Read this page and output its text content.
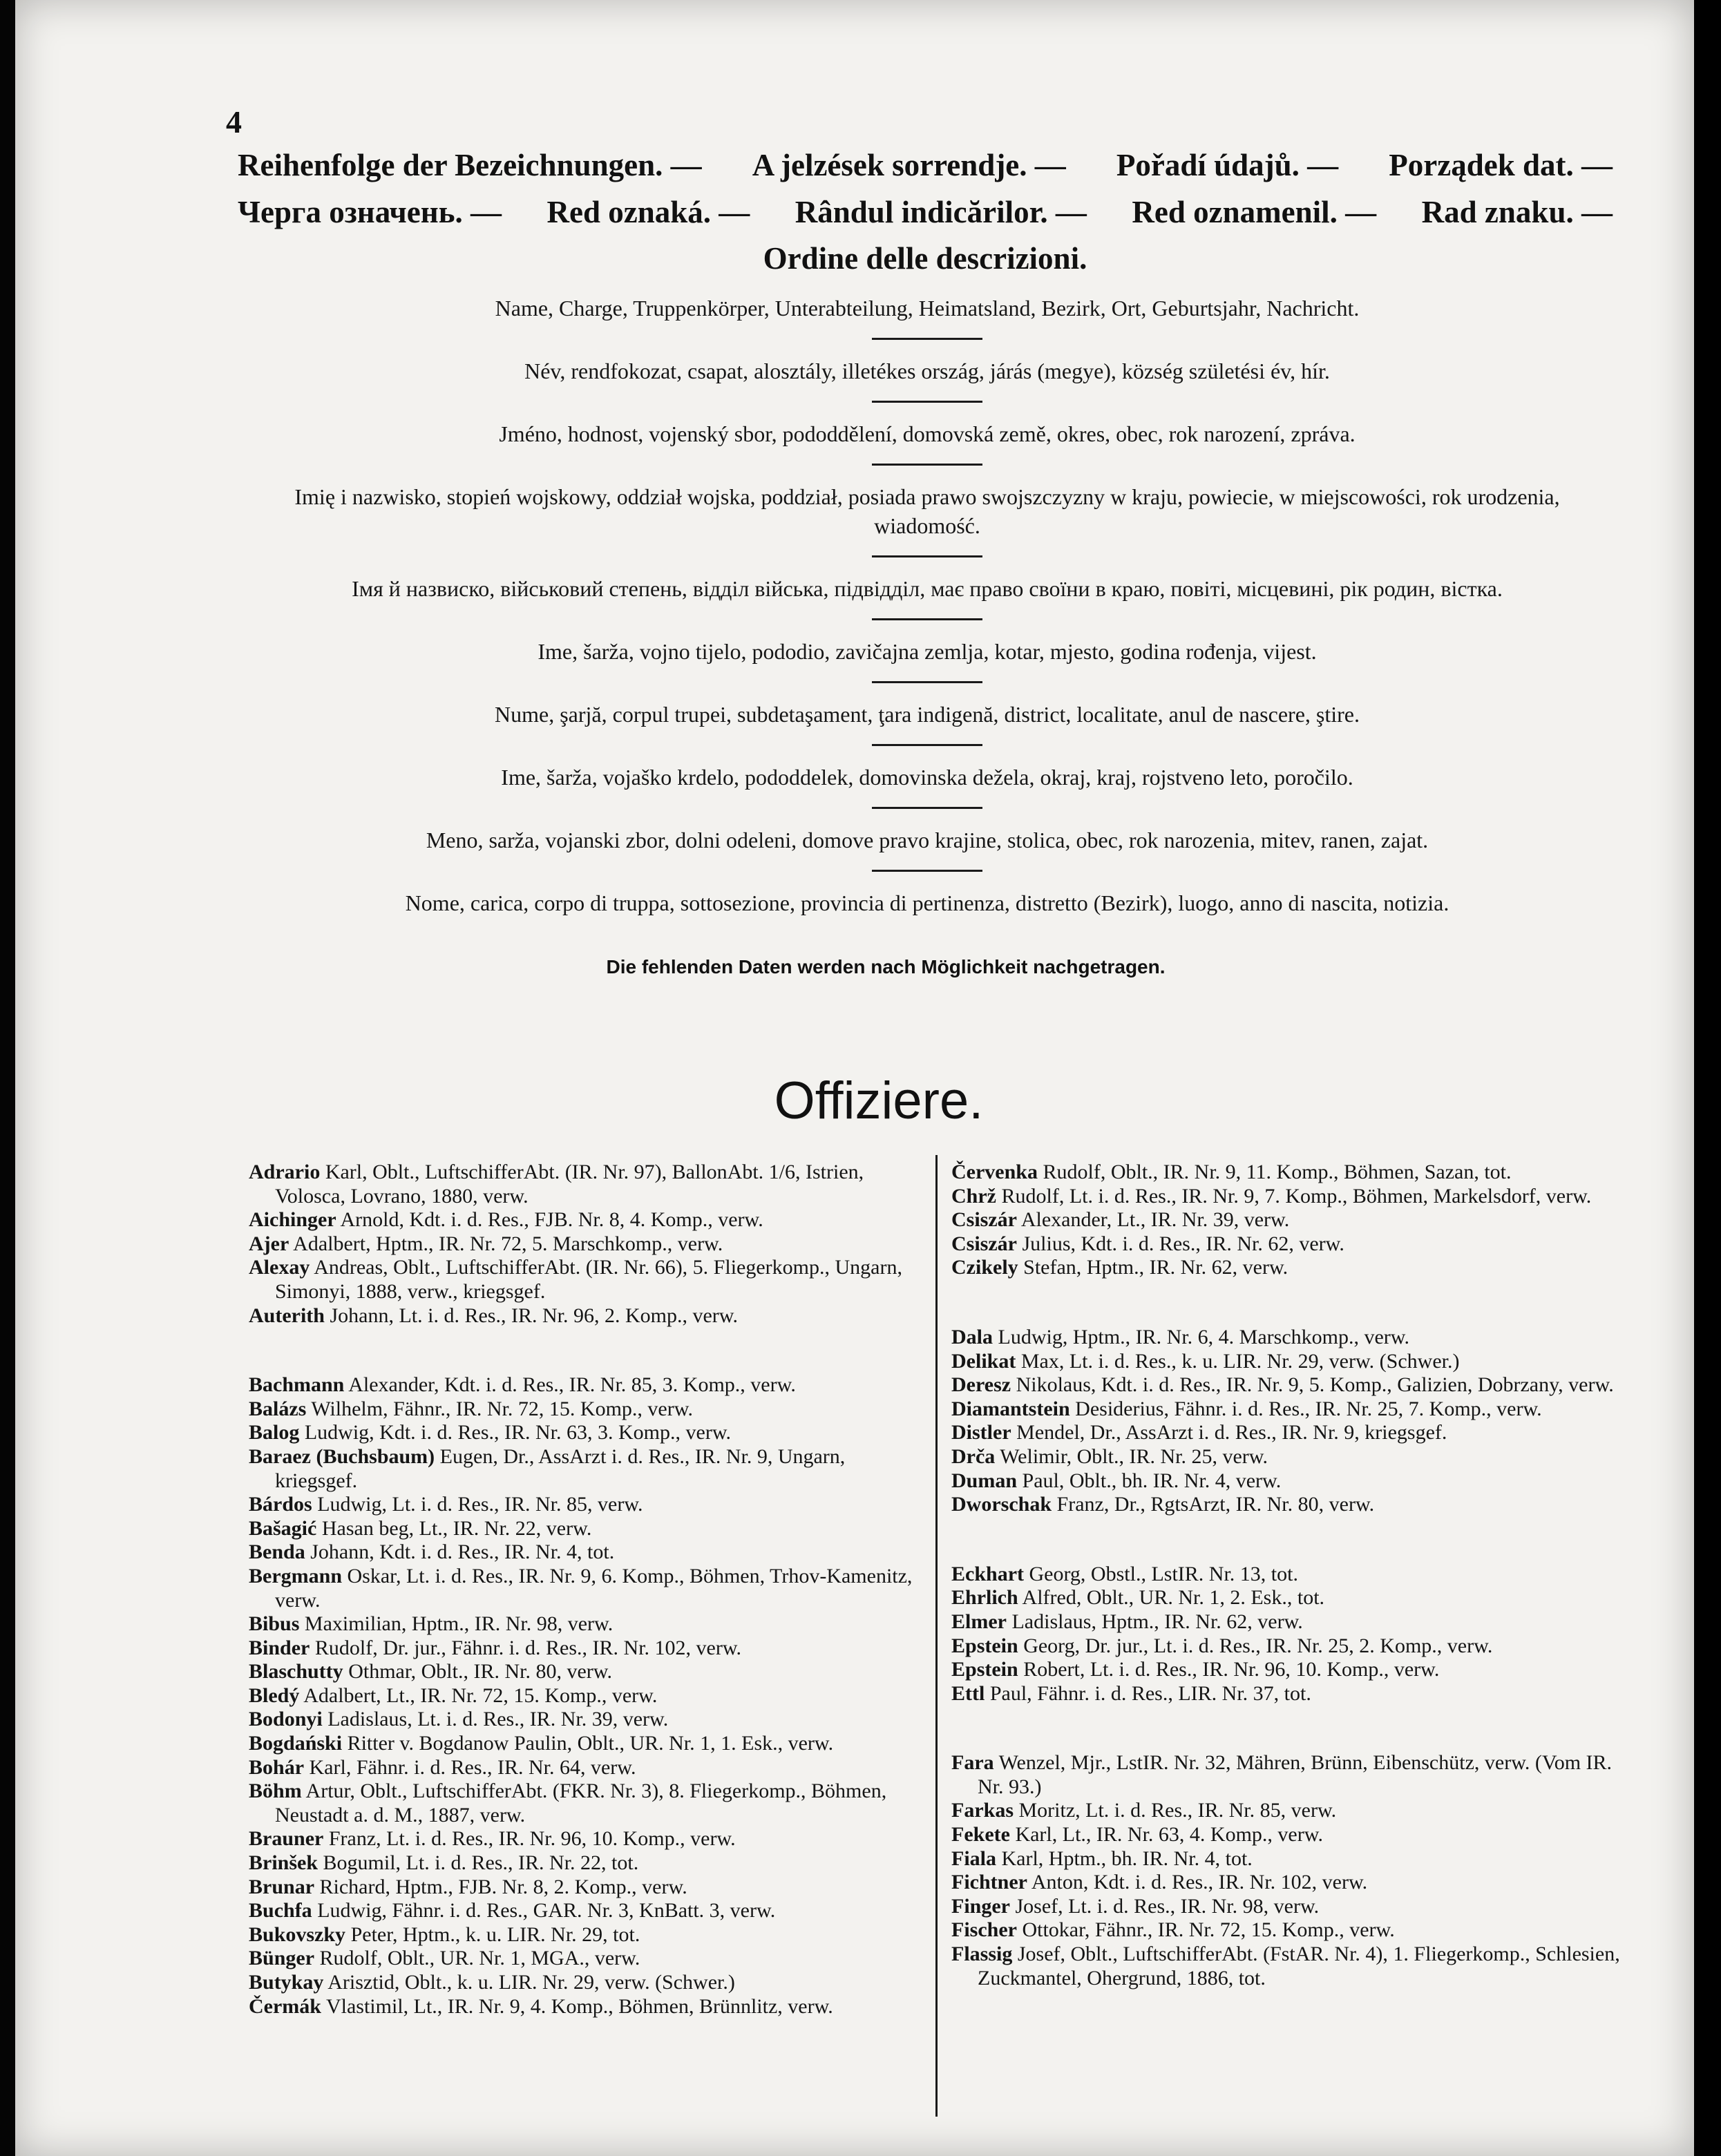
4
Reihenfolge der Bezeichnungen. — A jelzések sorrendje. — Pořadí údajů. — Porządek dat. —
Черга означень. — Red oznaká. — Rândul indicărilor. — Red oznamenil. — Rad znaku. —
Ordine delle descrizioni.

Name, Charge, Truppenkörper, Unterabteilung, Heimatsland, Bezirk, Ort, Geburtsjahr, Nachricht.

Név, rendfokozat, csapat, alosztály, illetékes ország, járás (megye), község születési év, hír.

Jméno, hodnost, vojenský sbor, pododdělení, domovská země, okres, obec, rok narození, zpráva.

Imię i nazwisko, stopień wojskowy, oddział wojska, poddział, posiada prawo swojszczyzny w kraju, powiecie, w miejscowości, rok urodzenia, wiadomość.

Імя й назвиско, військовий степень, відділ війська, підвідділ, має право своїни в краю, повіті, місцевині, рік родин, вістка.

Ime, šarža, vojno tijelo, pododio, zavičajna zemlja, kotar, mjesto, godina rođenja, vijest.

Nume, şarjă, corpul trupei, subdetaşament, ţara indigenă, district, localitate, anul de nascere, ştire.

Ime, šarža, vojaško krdelo, pododdelek, domovinska dežela, okraj, kraj, rojstveno leto, poročilo.

Meno, sarža, vojanski zbor, dolni odeleni, domove pravo krajine, stolica, obec, rok narozenia, mitev, ranen, zajat.

Nome, carica, corpo di truppa, sottosezione, provincia di pertinenza, distretto (Bezirk), luogo, anno di nascita, notizia.

Die fehlenden Daten werden nach Möglichkeit nachgetragen.
Offiziere.

Adrario Karl, Oblt., LuftschifferAbt. (IR. Nr. 97), BallonAbt. 1/6, Istrien, Volosca, Lovrano, 1880, verw.

Aichinger Arnold, Kdt. i. d. Res., FJB. Nr. 8, 4. Komp., verw.

Ajer Adalbert, Hptm., IR. Nr. 72, 5. Marschkomp., verw.

Alexay Andreas, Oblt., LuftschifferAbt. (IR. Nr. 66), 5. Fliegerkomp., Ungarn, Simonyi, 1888, verw., kriegsgef.

Auterith Johann, Lt. i. d. Res., IR. Nr. 96, 2. Komp., verw.

Bachmann Alexander, Kdt. i. d. Res., IR. Nr. 85, 3. Komp., verw.

Balázs Wilhelm, Fähnr., IR. Nr. 72, 15. Komp., verw.

Balog Ludwig, Kdt. i. d. Res., IR. Nr. 63, 3. Komp., verw.

Baraez (Buchsbaum) Eugen, Dr., AssArzt i. d. Res., IR. Nr. 9, Ungarn, kriegsgef.

Bárdos Ludwig, Lt. i. d. Res., IR. Nr. 85, verw.

Bašagić Hasan beg, Lt., IR. Nr. 22, verw.

Benda Johann, Kdt. i. d. Res., IR. Nr. 4, tot.

Bergmann Oskar, Lt. i. d. Res., IR. Nr. 9, 6. Komp., Böhmen, Trhov-Kamenitz, verw.

Bibus Maximilian, Hptm., IR. Nr. 98, verw.

Binder Rudolf, Dr. jur., Fähnr. i. d. Res., IR. Nr. 102, verw.

Blaschutty Othmar, Oblt., IR. Nr. 80, verw.

Bledý Adalbert, Lt., IR. Nr. 72, 15. Komp., verw.

Bodonyi Ladislaus, Lt. i. d. Res., IR. Nr. 39, verw.

Bogdański Ritter v. Bogdanow Paulin, Oblt., UR. Nr. 1, 1. Esk., verw.

Bohár Karl, Fähnr. i. d. Res., IR. Nr. 64, verw.

Böhm Artur, Oblt., LuftschifferAbt. (FKR. Nr. 3), 8. Fliegerkomp., Böhmen, Neustadt a. d. M., 1887, verw.

Brauner Franz, Lt. i. d. Res., IR. Nr. 96, 10. Komp., verw.

Brinšek Bogumil, Lt. i. d. Res., IR. Nr. 22, tot.

Brunar Richard, Hptm., FJB. Nr. 8, 2. Komp., verw.

Buchfa Ludwig, Fähnr. i. d. Res., GAR. Nr. 3, KnBatt. 3, verw.

Bukovszky Peter, Hptm., k. u. LIR. Nr. 29, tot.

Bünger Rudolf, Oblt., UR. Nr. 1, MGA., verw.

Butykay Arisztid, Oblt., k. u. LIR. Nr. 29, verw. (Schwer.)

Čermák Vlastimil, Lt., IR. Nr. 9, 4. Komp., Böhmen, Brünnlitz, verw.

Červenka Rudolf, Oblt., IR. Nr. 9, 11. Komp., Böhmen, Sazan, tot.

Chrž Rudolf, Lt. i. d. Res., IR. Nr. 9, 7. Komp., Böhmen, Markelsdorf, verw.

Csiszár Alexander, Lt., IR. Nr. 39, verw.

Csiszár Julius, Kdt. i. d. Res., IR. Nr. 62, verw.

Czikely Stefan, Hptm., IR. Nr. 62, verw.

Dala Ludwig, Hptm., IR. Nr. 6, 4. Marschkomp., verw.

Delikat Max, Lt. i. d. Res., k. u. LIR. Nr. 29, verw. (Schwer.)

Deresz Nikolaus, Kdt. i. d. Res., IR. Nr. 9, 5. Komp., Galizien, Dobrzany, verw.

Diamantstein Desiderius, Fähnr. i. d. Res., IR. Nr. 25, 7. Komp., verw.

Distler Mendel, Dr., AssArzt i. d. Res., IR. Nr. 9, kriegsgef.

Drča Welimir, Oblt., IR. Nr. 25, verw.

Duman Paul, Oblt., bh. IR. Nr. 4, verw.

Dworschak Franz, Dr., RgtsArzt, IR. Nr. 80, verw.

Eckhart Georg, Obstl., LstIR. Nr. 13, tot.

Ehrlich Alfred, Oblt., UR. Nr. 1, 2. Esk., tot.

Elmer Ladislaus, Hptm., IR. Nr. 62, verw.

Epstein Georg, Dr. jur., Lt. i. d. Res., IR. Nr. 25, 2. Komp., verw.

Epstein Robert, Lt. i. d. Res., IR. Nr. 96, 10. Komp., verw.

Ettl Paul, Fähnr. i. d. Res., LIR. Nr. 37, tot.

Fara Wenzel, Mjr., LstIR. Nr. 32, Mähren, Brünn, Eibenschütz, verw. (Vom IR. Nr. 93.)

Farkas Moritz, Lt. i. d. Res., IR. Nr. 85, verw.

Fekete Karl, Lt., IR. Nr. 63, 4. Komp., verw.

Fiala Karl, Hptm., bh. IR. Nr. 4, tot.

Fichtner Anton, Kdt. i. d. Res., IR. Nr. 102, verw.

Finger Josef, Lt. i. d. Res., IR. Nr. 98, verw.

Fischer Ottokar, Fähnr., IR. Nr. 72, 15. Komp., verw.

Flassig Josef, Oblt., LuftschifferAbt. (FstAR. Nr. 4), 1. Fliegerkomp., Schlesien, Zuckmantel, Ohergrund, 1886, tot.
